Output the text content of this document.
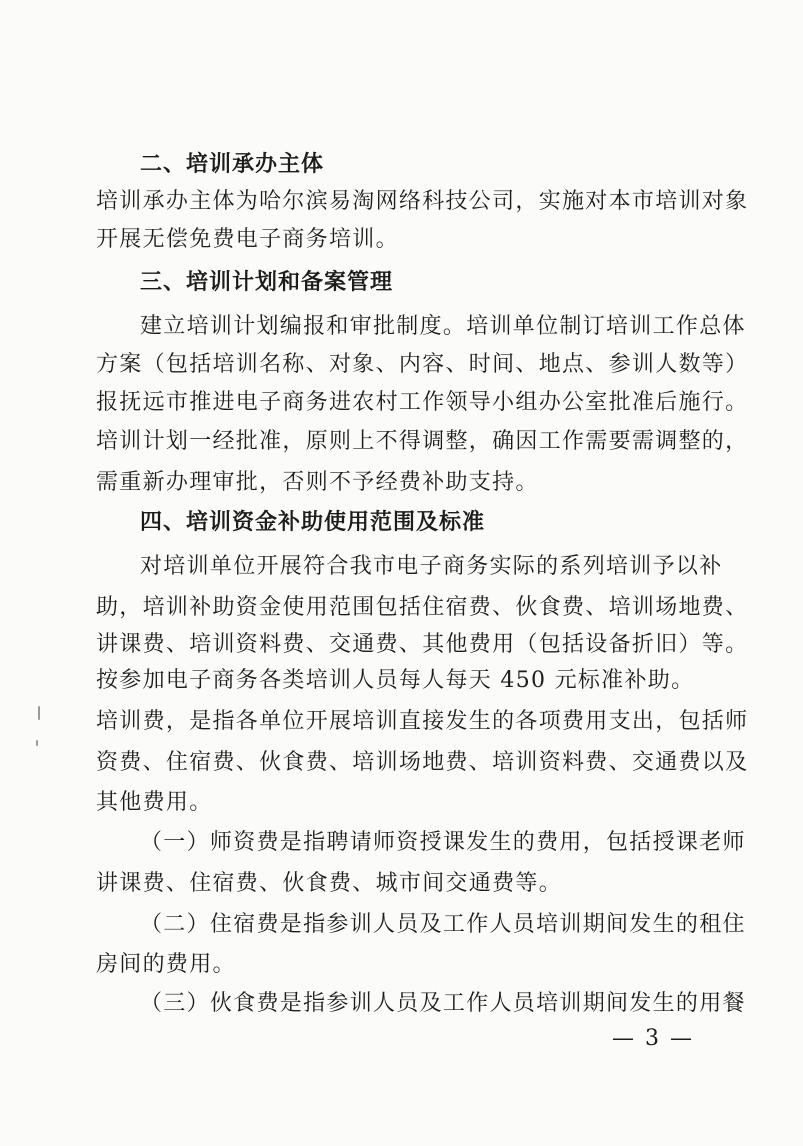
二、培训承办主体
培训承办主体为哈尔滨易淘网络科技公司，实施对本市培训对象
开展无偿免费电子商务培训。
三、培训计划和备案管理
建立培训计划编报和审批制度。培训单位制订培训工作总体
方案（包括培训名称、对象、内容、时间、地点、参训人数等）
报抚远市推进电子商务进农村工作领导小组办公室批准后施行。
培训计划一经批准，原则上不得调整，确因工作需要需调整的，
需重新办理审批，否则不予经费补助支持。
四、培训资金补助使用范围及标准
对培训单位开展符合我市电子商务实际的系列培训予以补
助，培训补助资金使用范围包括住宿费、伙食费、培训场地费、
讲课费、培训资料费、交通费、其他费用（包括设备折旧）等。
按参加电子商务各类培训人员每人每天 450 元标准补助。
培训费，是指各单位开展培训直接发生的各项费用支出，包括师
资费、住宿费、伙食费、培训场地费、培训资料费、交通费以及
其他费用。
（一）师资费是指聘请师资授课发生的费用，包括授课老师
讲课费、住宿费、伙食费、城市间交通费等。
（二）住宿费是指参训人员及工作人员培训期间发生的租住
房间的费用。
（三）伙食费是指参训人员及工作人员培训期间发生的用餐
— 3 —
